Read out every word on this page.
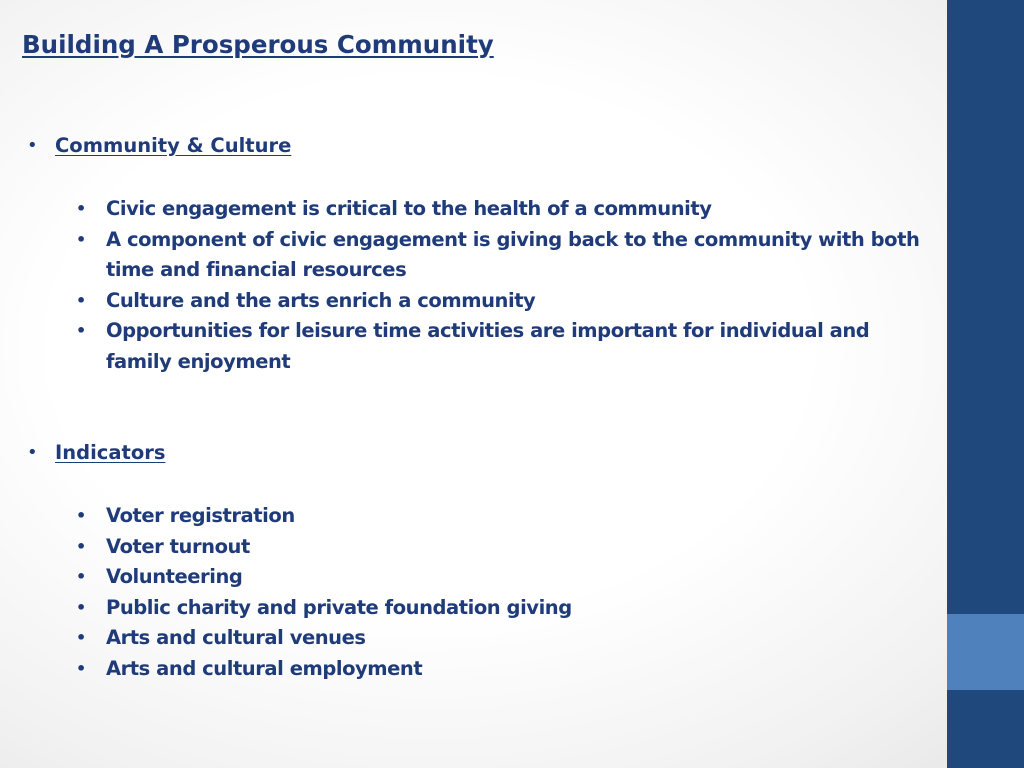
Building A Prosperous Community
• Community & Culture
• Civic engagement is critical to the health of a community
• A component of civic engagement is giving back to the community with both time and financial resources
• Culture and the arts enrich a community
• Opportunities for leisure time activities are important for individual and family enjoyment
• Indicators
• Voter registration
• Voter turnout
• Volunteering
• Public charity and private foundation giving
• Arts and cultural venues
• Arts and cultural employment
